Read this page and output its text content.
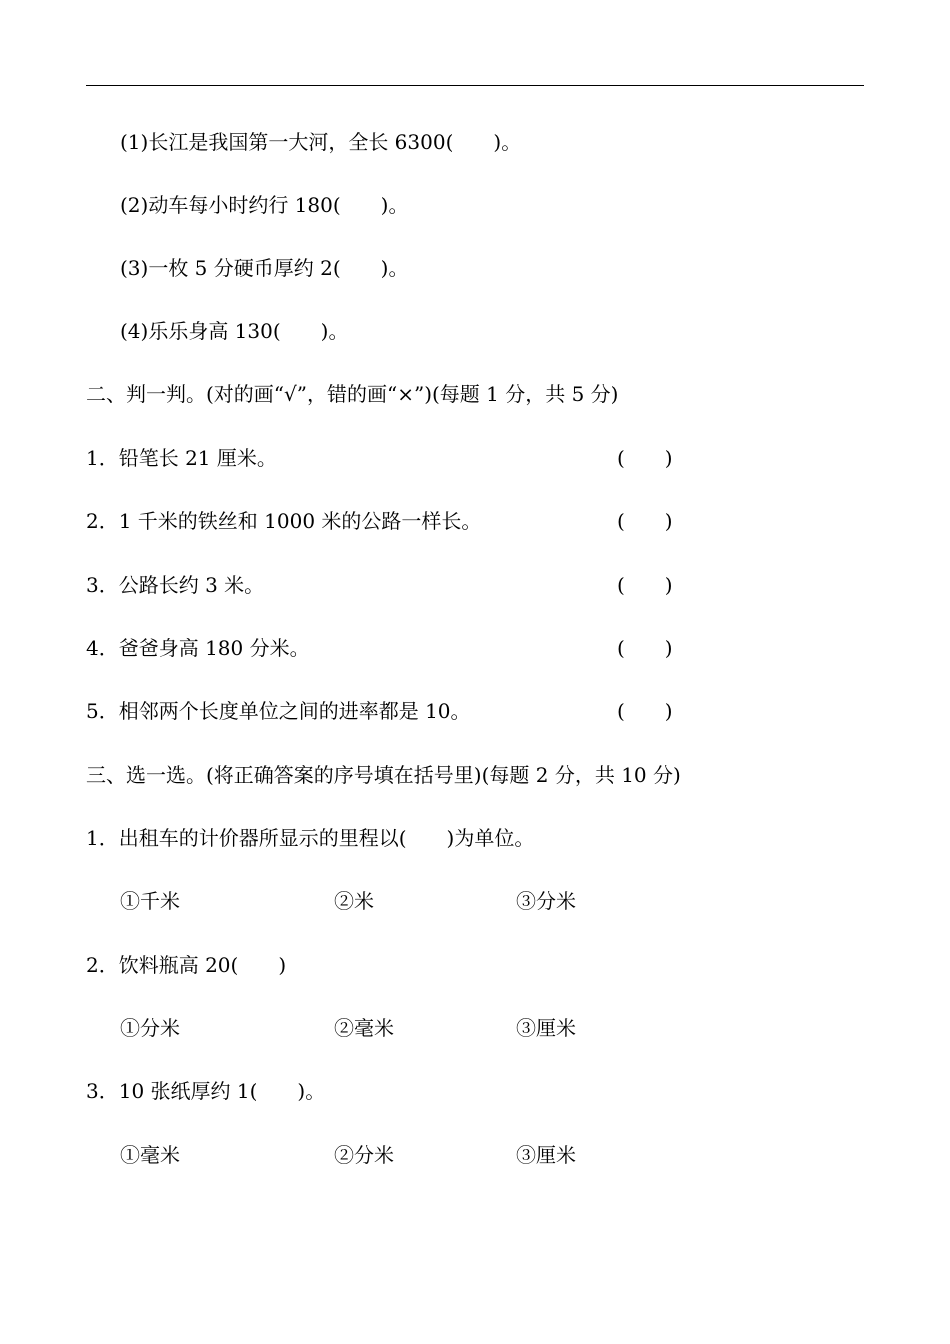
(1)长江是我国第一大河，全长 6300(　　)。
(2)动车每小时约行 180(　　)。
(3)一枚 5 分硬币厚约 2(　　)。
(4)乐乐身高 130(　　)。
二、判一判。(对的画“√”，错的画“×”)(每题 1 分，共 5 分)
1．铅笔长 21 厘米。	(　　)
2．1 千米的铁丝和 1000 米的公路一样长。	(　　)
3．公路长约 3 米。	(　　)
4．爸爸身高 180 分米。	(　　)
5．相邻两个长度单位之间的进率都是 10。	(　　)
三、选一选。(将正确答案的序号填在括号里)(每题 2 分，共 10 分)
1．出租车的计价器所显示的里程以(　　)为单位。
①千米	②米	③分米
2．饮料瓶高 20(　　)
①分米	②毫米	③厘米
3．10 张纸厚约 1(　　)。
①毫米	②分米	③厘米
